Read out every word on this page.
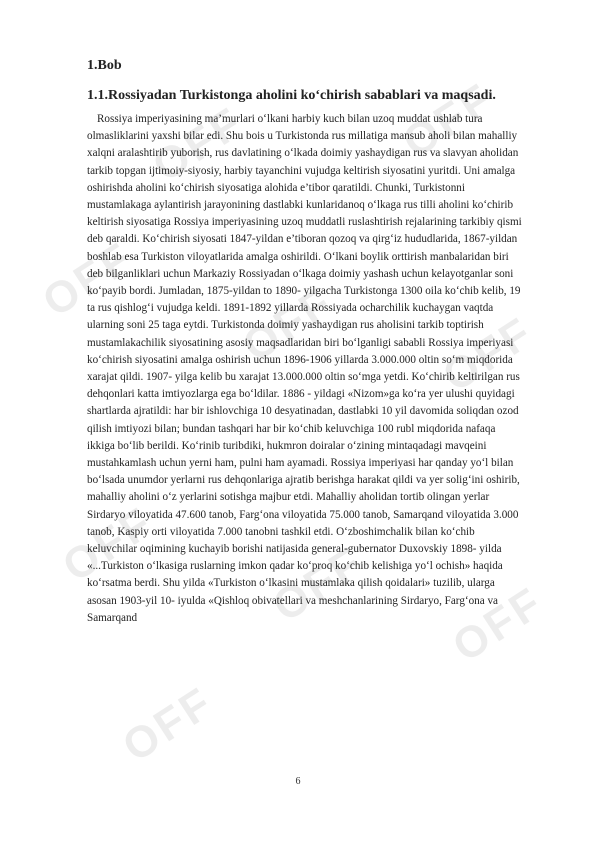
OFF
OFF
OFF OFF OFF
OFF OFF OFF
OFF
1.Bob
1.1.Rossiyadan Turkistonga aholini ko‘chirish sabablari va maqsadi.

Rossiya imperiyasining ma’murlari o‘lkani harbiy kuch bilan uzoq muddat ushlab tura olmasliklarini yaxshi bilar edi. Shu bois u Turkistonda rus millatiga mansub aholi bilan mahalliy xalqni aralashtirib yuborish, rus davlatining o‘lkada doimiy yashaydigan rus va slavyan aholidan tarkib topgan ijtimoiy-siyosiy, harbiy tayanchini vujudga keltirish siyosatini yuritdi. Uni amalga oshirishda aholini ko‘chirish siyosatiga alohida e’tibor qaratildi. Chunki, Turkistonni mustamlakaga aylantirish jarayonining dastlabki kunlaridanoq o‘lkaga rus tilli aholini ko‘chirib keltirish siyosatiga Rossiya imperiyasining uzoq muddatli ruslashtirish rejalarining tarkibiy qismi deb qaraldi. Ko‘chirish siyosati 1847-yildan e’tiboran qozoq va qirg‘iz hududlarida, 1867-yildan boshlab esa Turkiston viloyatlarida amalga oshirildi. O‘lkani boylik orttirish manbalaridan biri deb bilganliklari uchun Markaziy Rossiyadan o‘lkaga doimiy yashash uchun kelayotganlar soni ko‘payib bordi. Jumladan, 1875-yildan to 1890- yilgacha Turkistonga 1300 oila ko‘chib kelib, 19 ta rus qishlog‘i vujudga keldi. 1891-1892 yillarda Rossiyada ocharchilik kuchaygan vaqtda ularning soni 25 taga eytdi. Turkistonda doimiy yashaydigan rus aholisini tarkib toptirish mustamlakachilik siyosatining asosiy maqsadlaridan biri bo‘lganligi sababli Rossiya imperiyasi ko‘chirish siyosatini amalga oshirish uchun 1896-1906 yillarda 3.000.000 oltin so‘m miqdorida xarajat qildi. 1907- yilga kelib bu xarajat 13.000.000 oltin so‘mga yetdi. Ko‘chirib keltirilgan rus dehqonlari katta imtiyozlarga ega bo‘ldilar. 1886 - yildagi «Nizom»ga ko‘ra yer ulushi quyidagi shartlarda ajratildi: har bir ishlovchiga 10 desyatinadan, dastlabki 10 yil davomida soliqdan ozod qilish imtiyozi bilan; bundan tashqari har bir ko‘chib keluvchiga 100 rubl miqdorida nafaqa ikkiga bo‘lib berildi. Ko‘rinib turibdiki, hukmron doiralar o‘zining mintaqadagi mavqeini mustahkamlash uchun yerni ham, pulni ham ayamadi. Rossiya imperiyasi har qanday yo‘l bilan bo‘lsada unumdor yerlarni rus dehqonlariga ajratib berishga harakat qildi va yer solig‘ini oshirib, mahalliy aholini o‘z yerlarini sotishga majbur etdi. Mahalliy aholidan tortib olingan yerlar Sirdaryo viloyatida 47.600 tanob, Farg‘ona viloyatida 75.000 tanob, Samarqand viloyatida 3.000 tanob, Kaspiy orti viloyatida 7.000 tanobni tashkil etdi. O‘zboshimchalik bilan ko‘chib keluvchilar oqimining kuchayib borishi natijasida general-gubernator Duxovskiy 1898- yilda «...Turkiston o‘lkasiga ruslarning imkon qadar ko‘proq ko‘chib kelishiga yo‘l ochish» haqida ko‘rsatma berdi. Shu yilda «Turkiston o‘lkasini mustamlaka qilish qoidalari» tuzilib, ularga asosan 1903-yil 10- iyulda «Qishloq obivatellari va meshchanlarining Sirdaryo, Farg‘ona va Samarqand

6
